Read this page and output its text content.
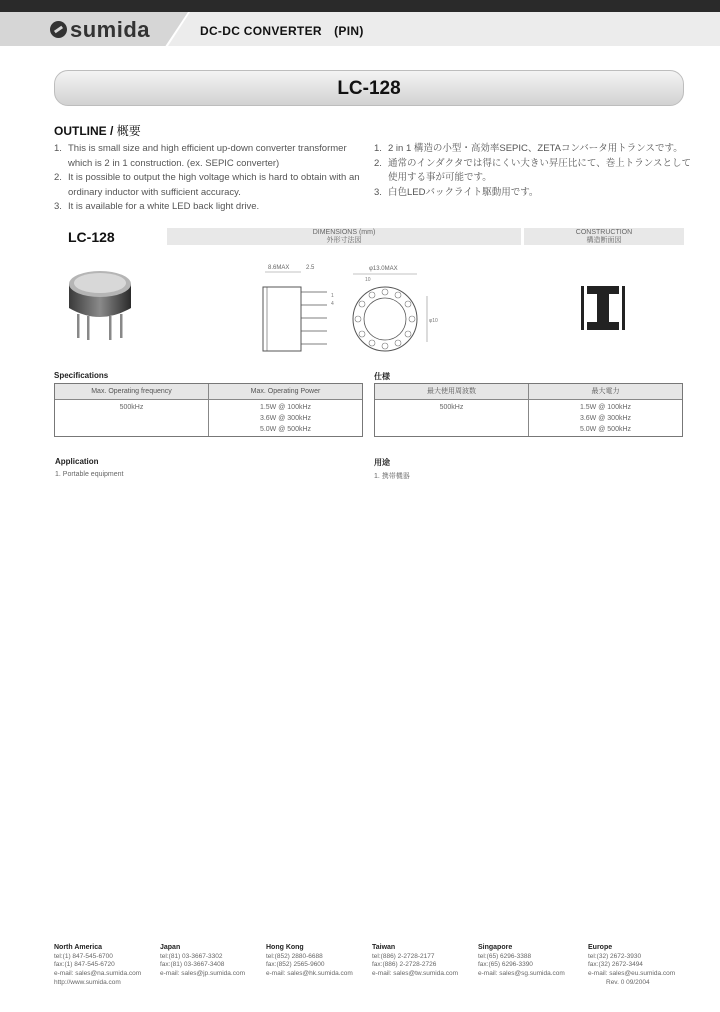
sumida	DC-DC CONVERTER　(PIN)
LC-128
OUTLINE / 概要
1. This is small size and high efficient up-down converter transformer which is 2 in 1 construction. (ex. SEPIC converter)
2. It is possible to output the high voltage which is hard to obtain with an ordinary inductor with sufficient accuracy.
3. It is available for a white LED back light drive.
1. 2 in 1 構造の小型・高効率SEPIC、ZETAコンバータ用トランスです。
2. 通常のインダクタでは得にくい大きい昇圧比にて、巻上トランスとして使用する事が可能です。
3. 白色LEDバックライト駆動用です。
LC-128	DIMENSIONS (mm)
外形寸法図
CONSTRUCTION
構造断面図
8.6MAX	2.5
1
4
φ13.0MAX
10
φ10
Specifications
Max. Operating frequency	Max. Operating Power
500kHz	1.5W @ 100kHz
3.6W @ 300kHz
5.0W @ 500kHz
仕様
最大使用周波数	最大電力
500kHz	1.5W @ 100kHz
3.6W @ 300kHz
5.0W @ 500kHz
Application
1. Portable equipment
用途
1. 携帯機器
North America
tel:(1) 847-545-6700
fax:(1) 847-545-6720
e-mail: sales@na.sumida.com
Japan
tel:(81) 03-3667-3302
fax:(81) 03-3667-3408
e-mail: sales@jp.sumida.com
Hong Kong
tel:(852) 2880-6688
fax:(852) 2565-9600
e-mail: sales@hk.sumida.com
Taiwan
tel:(886) 2-2728-2177
fax:(886) 2-2728-2726
e-mail: sales@tw.sumida.com
Singapore
tel:(65) 6296-3388
fax:(65) 6296-3390
e-mail: sales@sg.sumida.com
Europe
tel:(32) 2672-3930
fax:(32) 2672-3494
e-mail: sales@eu.sumida.com
http://www.sumida.com	Rev. 0 09/2004
